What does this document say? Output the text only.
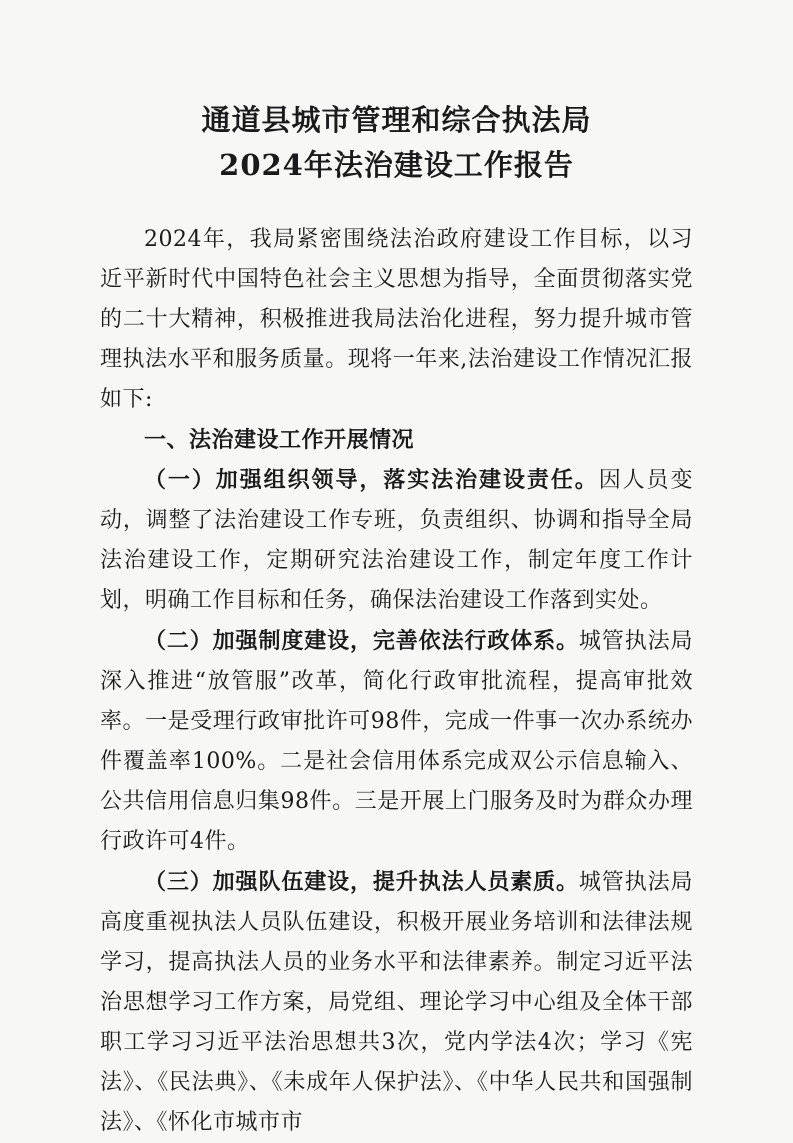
通道县城市管理和综合执法局
2024年法治建设工作报告

2024年，我局紧密围绕法治政府建设工作目标，以习近平新时代中国特色社会主义思想为指导，全面贯彻落实党的二十大精神，积极推进我局法治化进程，努力提升城市管理执法水平和服务质量。现将一年来,法治建设工作情况汇报如下:

一、法治建设工作开展情况

（一）加强组织领导，落实法治建设责任。因人员变动，调整了法治建设工作专班，负责组织、协调和指导全局法治建设工作，定期研究法治建设工作，制定年度工作计划，明确工作目标和任务，确保法治建设工作落到实处。

（二）加强制度建设，完善依法行政体系。城管执法局深入推进“放管服”改革，简化行政审批流程，提高审批效率。一是受理行政审批许可98件，完成一件事一次办系统办件覆盖率100%。二是社会信用体系完成双公示信息输入、公共信用信息归集98件。三是开展上门服务及时为群众办理行政许可4件。

（三）加强队伍建设，提升执法人员素质。城管执法局高度重视执法人员队伍建设，积极开展业务培训和法律法规学习，提高执法人员的业务水平和法律素养。制定习近平法治思想学习工作方案，局党组、理论学习中心组及全体干部职工学习习近平法治思想共3次，党内学法4次；学习《宪法》、《民法典》、《未成年人保护法》、《中华人民共和国强制法》、《怀化市城市市
